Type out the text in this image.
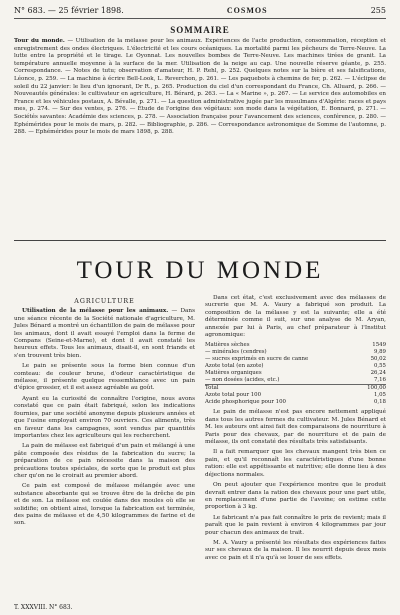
N° 683. — 25 février 1898.	COSMOS	255
SOMMAIRE
Tour du monde. — Utilisation de la mélasse pour les animaux. Expériences de l'acte production, consommation, réception et enregistrement des ondes électriques. L'électricité et les cours océaniques. La mortalité parmi les pêcheurs de Terre-Neuve. La lutte entre la propriété et le tirage. Le Oyonnat. Les nouvelles bombes de Terre-Neuve. Les machines tirées de granit. La température annuelle moyenne à la surface de la mer. Utilisation de la neige au cap. Une nouvelle réserve géante, p. 255. Correspondance. — Notes de tutu; observation d'amateur, H. P. Rehl, p. 252. Quelques notes sur la bière et ses falsifications, Léonce, p. 259. — La machine à écrire Bell-Look, L. Reverchon, p. 261. — Les paquebots à chemins de fer, p. 262. — L'éclipse de soleil du 22 janvier: le lieu d'un ignorant, Dr R., p. 265. Production du ciel d'un correspondant du France, Ch. Alluard, p. 266. — Nouveautés générales: le cultivateur en agriculture, H. Bérard, p. 263. — La « Marine », p. 267. — Le service des automobiles en France et les véhicules postaux, A. Bévalle, p. 271. — La question administrative jugée par les musulmans d'Algérie: races et pays mes, p. 274. — Sur des ventes, p. 276. — Étude de l'origine des végétaux: son mode dans la végétation, E. Bonnard, p. 271. — Sociétés savantes: Académie des sciences, p. 278. — Association française pour l'avancement des sciences, conférence, p. 280. — Ephémérides pour le mois de mars, p. 282. — Bibliographie, p. 286. — Correspondance astronomique de Somme de l'automne, p. 288. — Ephémérides pour le mois de mars 1898, p. 288.
TOUR DU MONDE
AGRICULTURE

Utilisation de la mélasse pour les animaux. — Dans une séance récente de la Société nationale d'agriculture, M. Jules Bénard a montré un échantillon de pain de mélasse pour les animaux, dont il avait essayé l'emploi dans la ferme de Compans (Seine-et-Marne), et dont il avait constaté les heureux effets. Tous les animaux, disait-il, en sont friands et s'en trouvent très bien.

Le pain se présente sous la forme bien connue d'un comteau: de couleur brune, d'odeur caractéristique de mélasse, il présente quelque ressemblance avec un pain d'épice grossier, et il est assez agréable au goût.

Ayant eu la curiosité de connaître l'origine, nous avons constaté que ce pain était fabriqué, selon les indications fournies, par une société anonyme depuis plusieurs années et que l'usine employait environ 70 ouvriers. Ces aliments, très en faveur dans les campagnes, sont vendus par quantités importantes chez les agriculteurs qui les recherchent.

La pain de mélasse est fabriqué d'un pain et mélangé à une pâte composée des résidus de la fabrication du sucre; la préparation de ce pain nécessite dans la maison des précautions toutes spéciales, de sorte que le produit est plus cher qu'on ne le croirait au premier abord.

Ce pain est composé de mélasse mélangée avec une substance absorbante qui se trouve être de la drêche de pin et de son. La mélasse est coulée dans des moules où elle se solidifie; on obtient ainsi, lorsque la fabrication est terminée, des pains de mélasse et de 4,50 kilogrammes de farine et de son.

Dans cet état, c'est exclusivement avec des mélasses de sucrerie que M. A. Vaury a fabriqué son produit. La composition de la mélasse y est la suivante; elle a été déterminée comme il suit, sur une analyse de M. Aryan, annexée par lui à Paris, au chef préparateur à l'Institut agronomique:

Matières sèches	1549
— minérales (cendres)	9,89
— sucres exprimés en sucre de canne	50,02
Azote total (en azote)	0,55
Matières organiques	26,24
— non dosées (acides, etc.)	7,16
Total	100,00
Azote total pour 100	1,05
Acide phosphorique pour 100	0,18

Le pain de mélasse n'est pas encore nettement appliqué dans tous les autres fermes du cultivateur. M. Jules Bénard et M. les auteurs ont ainsi fait des comparaisons de nourriture à Paris pour des chevaux, par de nourriture et de pain de mélasse, ils ont constaté des résultats très satisfaisants.

Il a fait remarquer que les chevaux mangent très bien ce pain, et qu'il reconnaît les caractéristiques d'une bonne ration: elle est appétissante et nutritive; elle donne lieu à des déjections normales.

On peut ajouter que l'expérience montre que le produit devrait entrer dans la ration des chevaux pour une part utile, en remplacement d'une partie de l'avoine; on estime cette proportion à 3 kg.

Le fabricant n'a pas fait connaître le prix de revient; mais il paraît que le pain revient à environ 4 kilogrammes par jour pour chacun des animaux de trait.

M. A. Vaury a présenté les résultats des expériences faites sur ses chevaux de la maison. Il les nourrit depuis deux mois avec ce pain et il n'a qu'à se louer de ses effets.

T. XXXVIII. N° 683.
